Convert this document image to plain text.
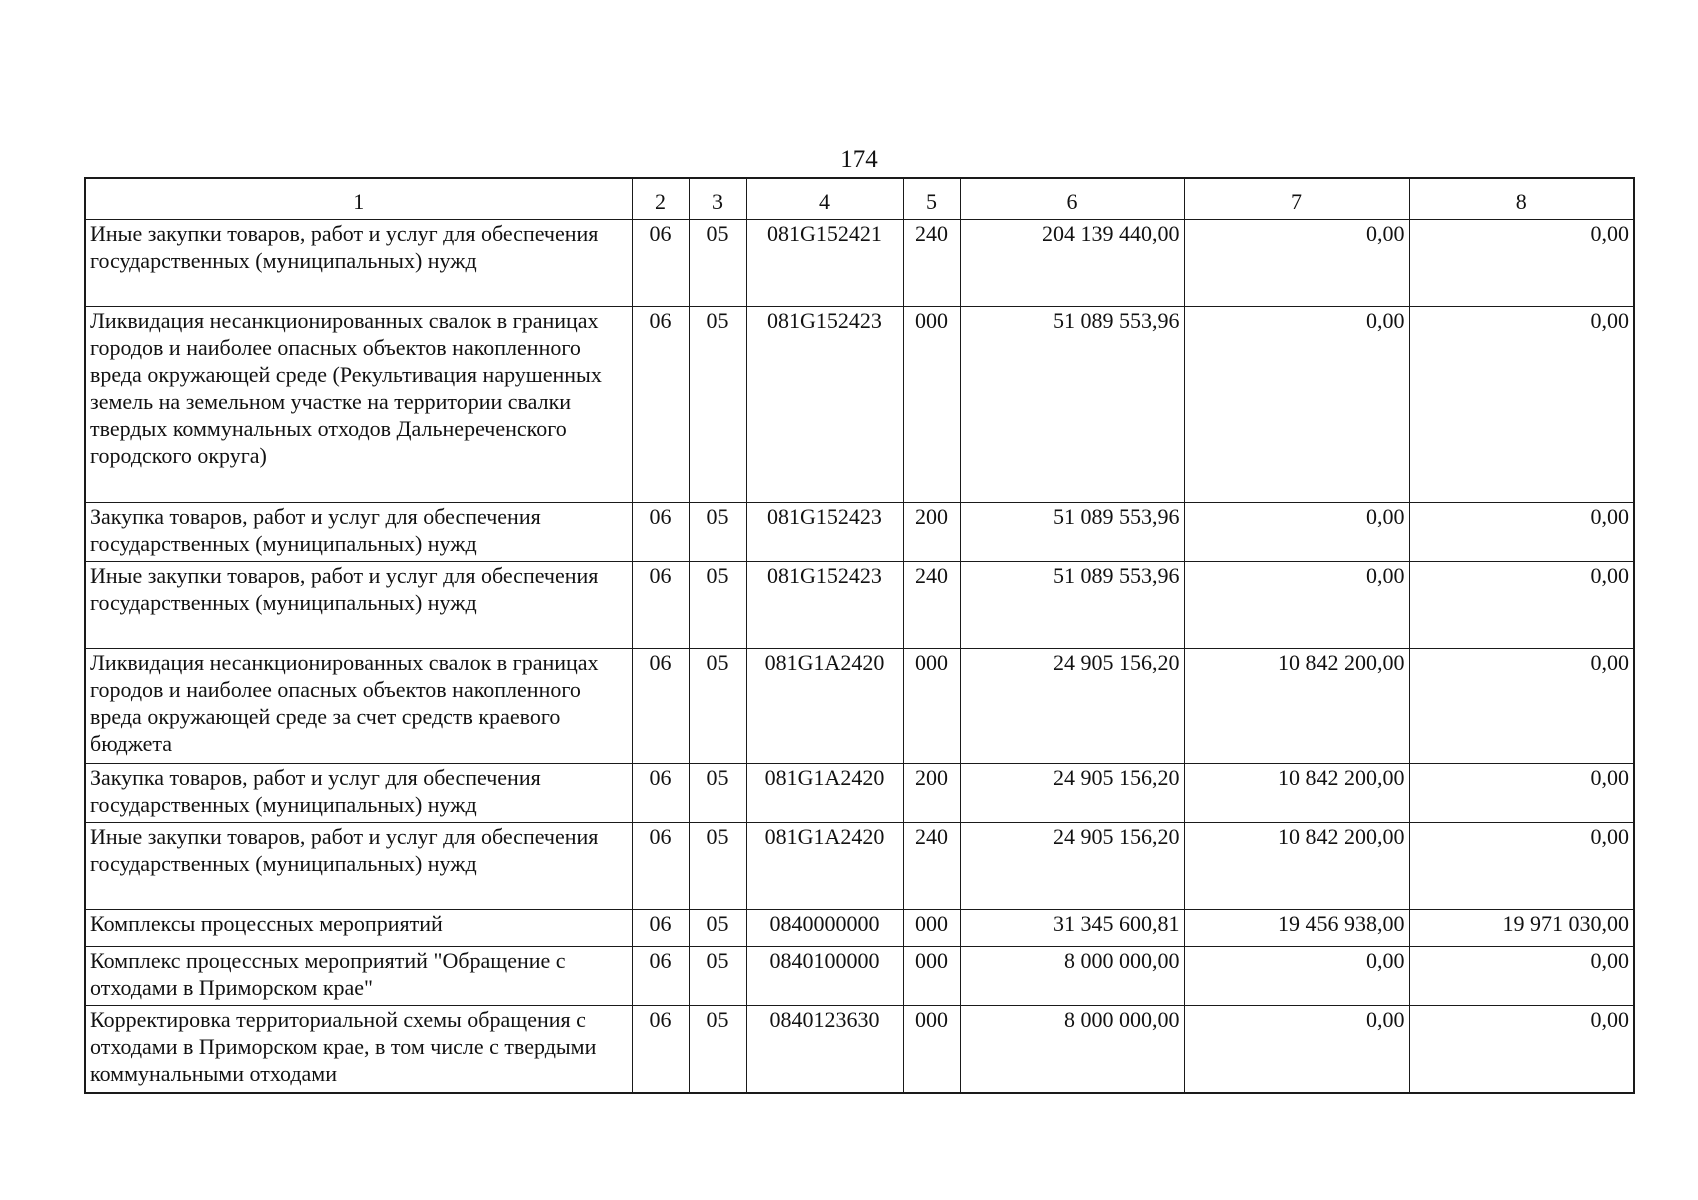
174
1	2	3	4	5	6	7	8
Иные закупки товаров, работ и услуг для обеспечения государственных (муниципальных) нужд	06	05	081G152421	240	204 139 440,00	0,00	0,00
Ликвидация несанкционированных свалок в границах городов и наиболее опасных объектов накопленного вреда окружающей среде (Рекультивация нарушенных земель на земельном участке на территории свалки твердых коммунальных отходов Дальнереченского городского округа)	06	05	081G152423	000	51 089 553,96	0,00	0,00
Закупка товаров, работ и услуг для обеспечения государственных (муниципальных) нужд	06	05	081G152423	200	51 089 553,96	0,00	0,00
Иные закупки товаров, работ и услуг для обеспечения государственных (муниципальных) нужд	06	05	081G152423	240	51 089 553,96	0,00	0,00
Ликвидация несанкционированных свалок в границах городов и наиболее опасных объектов накопленного вреда окружающей среде за счет средств краевого бюджета	06	05	081G1A2420	000	24 905 156,20	10 842 200,00	0,00
Закупка товаров, работ и услуг для обеспечения государственных (муниципальных) нужд	06	05	081G1A2420	200	24 905 156,20	10 842 200,00	0,00
Иные закупки товаров, работ и услуг для обеспечения государственных (муниципальных) нужд	06	05	081G1A2420	240	24 905 156,20	10 842 200,00	0,00
Комплексы процессных мероприятий	06	05	0840000000	000	31 345 600,81	19 456 938,00	19 971 030,00
Комплекс процессных мероприятий "Обращение с отходами в Приморском крае"	06	05	0840100000	000	8 000 000,00	0,00	0,00
Корректировка территориальной схемы обращения с отходами в Приморском крае, в том числе с твердыми коммунальными отходами	06	05	0840123630	000	8 000 000,00	0,00	0,00
